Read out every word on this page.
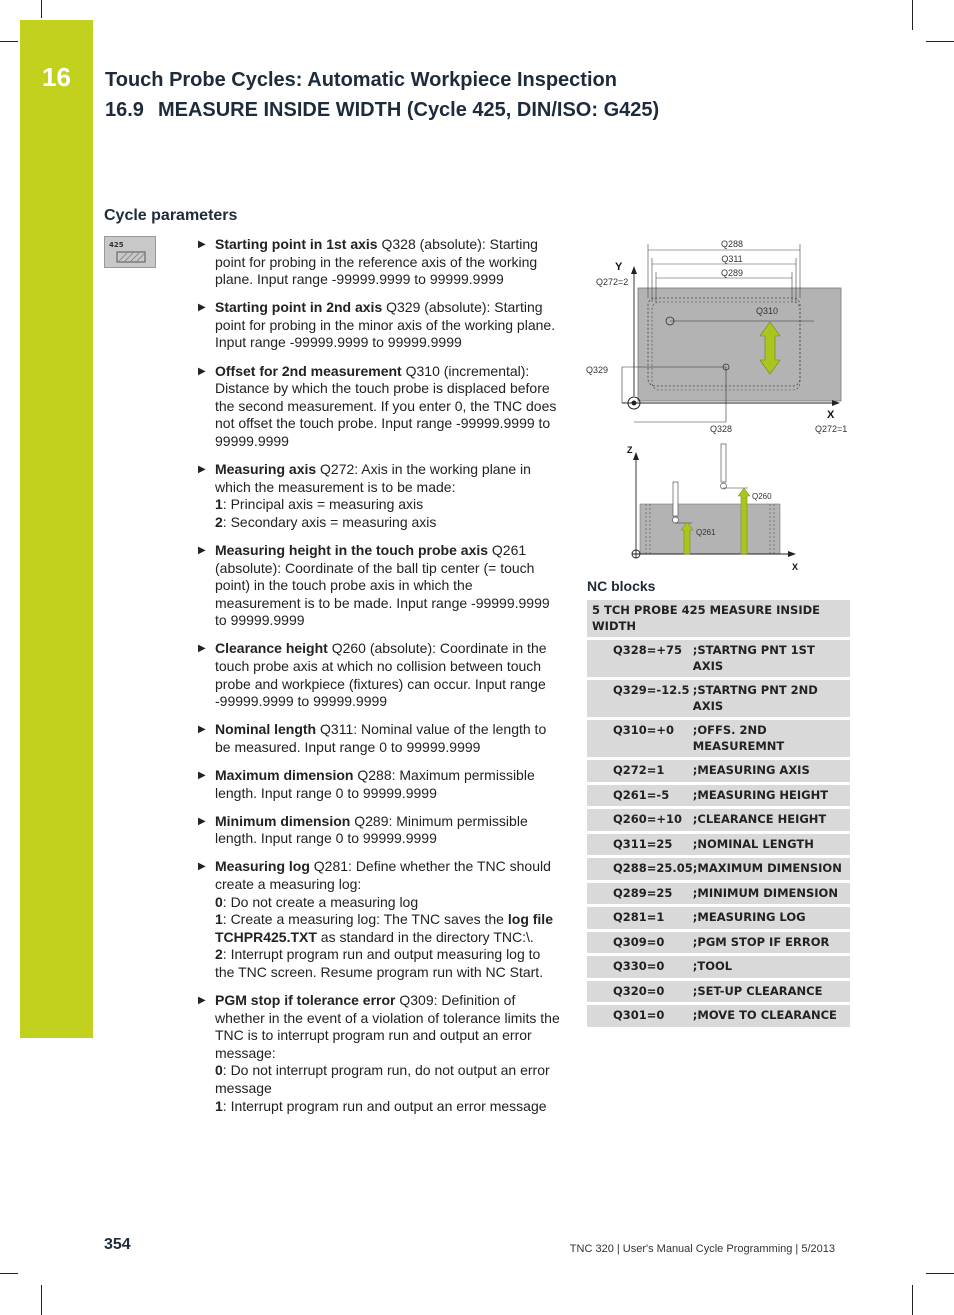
16	Touch Probe Cycles: Automatic Workpiece Inspection
16.9 MEASURE INSIDE WIDTH (Cycle 425, DIN/ISO: G425)
Cycle parameters
425	▶ Starting point in 1st axis Q328 (absolute): Starting point for probing in the reference axis of the working plane. Input range -99999.9999 to 99999.9999
▶ Starting point in 2nd axis Q329 (absolute): Starting point for probing in the minor axis of the working plane. Input range -99999.9999 to 99999.9999
▶ Offset for 2nd measurement Q310 (incremental): Distance by which the touch probe is displaced before the second measurement. If you enter 0, the TNC does not offset the touch probe. Input range -99999.9999 to 99999.9999
▶ Measuring axis Q272: Axis in the working plane in which the measurement is to be made:
1: Principal axis = measuring axis
2: Secondary axis = measuring axis
▶ Measuring height in the touch probe axis Q261 (absolute): Coordinate of the ball tip center (= touch point) in the touch probe axis in which the measurement is to be made. Input range -99999.9999 to 99999.9999
▶ Clearance height Q260 (absolute): Coordinate in the touch probe axis at which no collision between touch probe and workpiece (fixtures) can occur. Input range -99999.9999 to 99999.9999
▶ Nominal length Q311: Nominal value of the length to be measured. Input range 0 to 99999.9999
▶ Maximum dimension Q288: Maximum permissible length. Input range 0 to 99999.9999
▶ Minimum dimension Q289: Minimum permissible length. Input range 0 to 99999.9999
▶ Measuring log Q281: Define whether the TNC should create a measuring log:
0: Do not create a measuring log
1: Create a measuring log: The TNC saves the log file TCHPR425.TXT as standard in the directory TNC:\.
2: Interrupt program run and output measuring log to the TNC screen. Resume program run with NC Start.
▶ PGM stop if tolerance error Q309: Definition of whether in the event of a violation of tolerance limits the TNC is to interrupt program run and output an error message:
0: Do not interrupt program run, do not output an error message
1: Interrupt program run and output an error message
Q288
Q311
Q289
Y
Q272=2
Q310
Q329
X
Q328	Q272=1
Z
X
Q260
Q261
NC blocks
5 TCH PROBE 425 MEASURE INSIDE WIDTH	
Q328=+75	;STARTNG PNT 1ST AXIS
Q329=-12.5	;STARTNG PNT 2ND AXIS
Q310=+0	;OFFS. 2ND MEASUREMNT
Q272=1	;MEASURING AXIS
Q261=-5	;MEASURING HEIGHT
Q260=+10	;CLEARANCE HEIGHT
Q311=25	;NOMINAL LENGTH
Q288=25.05	;MAXIMUM DIMENSION
Q289=25	;MINIMUM DIMENSION
Q281=1	;MEASURING LOG
Q309=0	;PGM STOP IF ERROR
Q330=0	;TOOL
Q320=0	;SET-UP CLEARANCE
Q301=0	;MOVE TO CLEARANCE
354	TNC 320 | User's Manual Cycle Programming | 5/2013
